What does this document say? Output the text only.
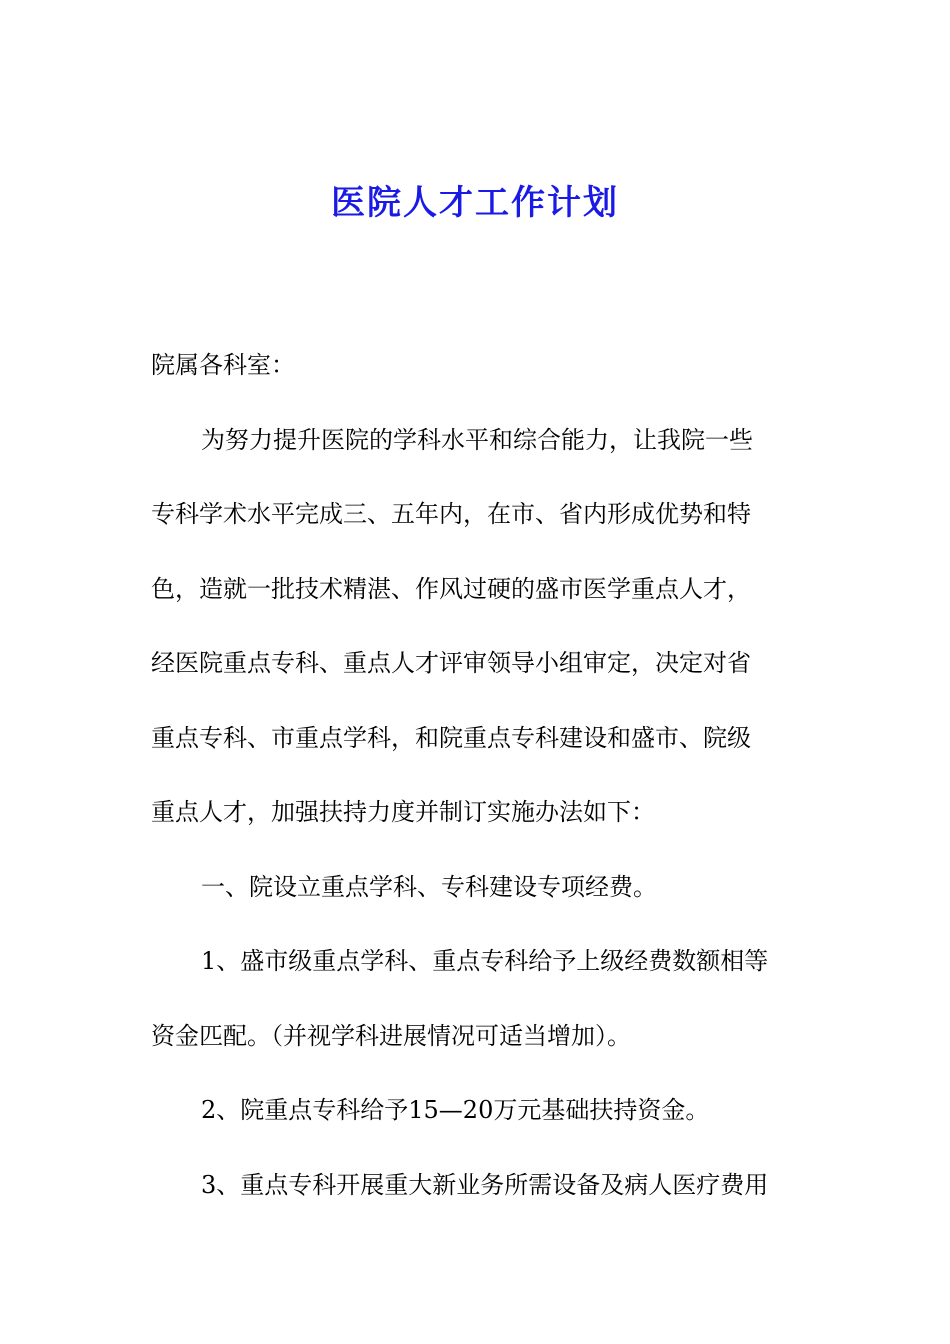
医院人才工作计划
院属各科室：
为努力提升医院的学科水平和综合能力，让我院一些
专科学术水平完成三、五年内，在市、省内形成优势和特
色，造就一批技术精湛、作风过硬的盛市医学重点人才，
经医院重点专科、重点人才评审领导小组审定，决定对省
重点专科、市重点学科，和院重点专科建设和盛市、院级
重点人才，加强扶持力度并制订实施办法如下：
一、院设立重点学科、专科建设专项经费。
1、盛市级重点学科、重点专科给予上级经费数额相等
资金匹配。（并视学科进展情况可适当增加）。
2、院重点专科给予15—20万元基础扶持资金。
3、重点专科开展重大新业务所需设备及病人医疗费用
